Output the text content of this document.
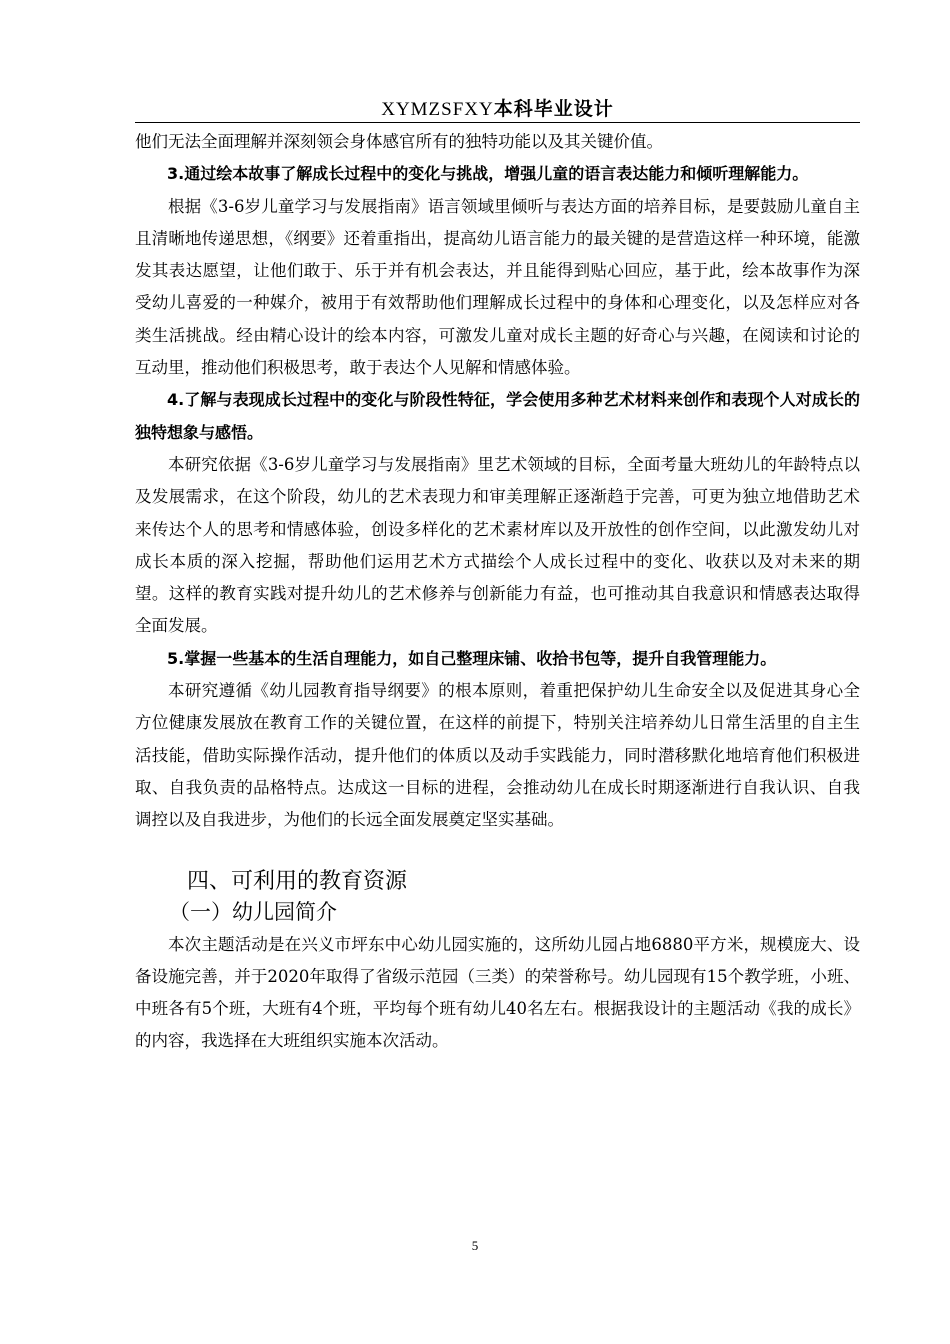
XYMZSFXY本科毕业设计

他们无法全面理解并深刻领会身体感官所有的独特功能以及其关键价值。

3.通过绘本故事了解成长过程中的变化与挑战，增强儿童的语言表达能力和倾听理解能力。

根据《3-6岁儿童学习与发展指南》语言领域里倾听与表达方面的培养目标，是要鼓励儿童自主且清晰地传递思想，《纲要》还着重指出，提高幼儿语言能力的最关键的是营造这样一种环境，能激发其表达愿望，让他们敢于、乐于并有机会表达，并且能得到贴心回应，基于此，绘本故事作为深受幼儿喜爱的一种媒介，被用于有效帮助他们理解成长过程中的身体和心理变化，以及怎样应对各类生活挑战。经由精心设计的绘本内容，可激发儿童对成长主题的好奇心与兴趣，在阅读和讨论的互动里，推动他们积极思考，敢于表达个人见解和情感体验。

4.了解与表现成长过程中的变化与阶段性特征，学会使用多种艺术材料来创作和表现个人对成长的独特想象与感悟。

本研究依据《3-6岁儿童学习与发展指南》里艺术领域的目标，全面考量大班幼儿的年龄特点以及发展需求，在这个阶段，幼儿的艺术表现力和审美理解正逐渐趋于完善，可更为独立地借助艺术来传达个人的思考和情感体验，创设多样化的艺术素材库以及开放性的创作空间，以此激发幼儿对成长本质的深入挖掘，帮助他们运用艺术方式描绘个人成长过程中的变化、收获以及对未来的期望。这样的教育实践对提升幼儿的艺术修养与创新能力有益，也可推动其自我意识和情感表达取得全面发展。

5.掌握一些基本的生活自理能力，如自己整理床铺、收拾书包等，提升自我管理能力。

本研究遵循《幼儿园教育指导纲要》的根本原则，着重把保护幼儿生命安全以及促进其身心全方位健康发展放在教育工作的关键位置，在这样的前提下，特别关注培养幼儿日常生活里的自主生活技能，借助实际操作活动，提升他们的体质以及动手实践能力，同时潜移默化地培育他们积极进取、自我负责的品格特点。达成这一目标的进程，会推动幼儿在成长时期逐渐进行自我认识、自我调控以及自我进步，为他们的长远全面发展奠定坚实基础。

四、可利用的教育资源

（一）幼儿园简介

本次主题活动是在兴义市坪东中心幼儿园实施的，这所幼儿园占地6880平方米，规模庞大、设备设施完善，并于2020年取得了省级示范园（三类）的荣誉称号。幼儿园现有15个教学班，小班、中班各有5个班，大班有4个班，平均每个班有幼儿40名左右。根据我设计的主题活动《我的成长》的内容，我选择在大班组织实施本次活动。

5
